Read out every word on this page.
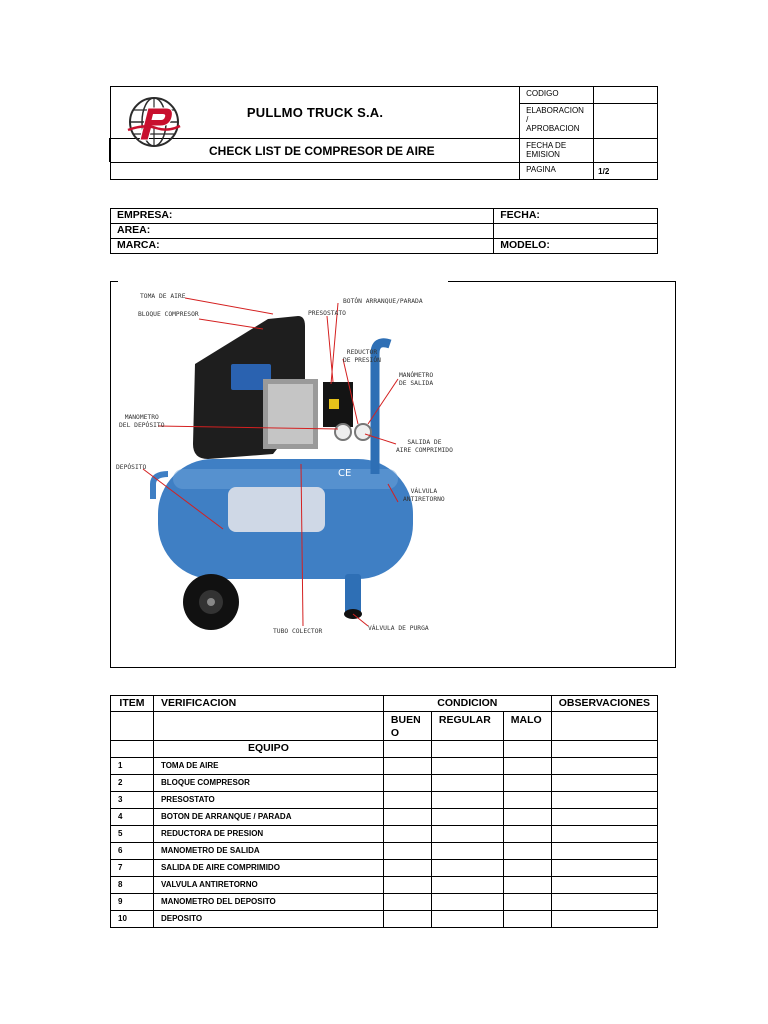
PULLMO TRUCK S.A.	CODIGO	

	ELABORACION
/
APROBACION	

CHECK LIST DE COMPRESOR DE AIRE	FECHA DE
EMISION	

	PAGINA	1/2
EMPRESA:	FECHA:
AREA:	
MARCA:	MODELO:
CE
TOMA DE AIRE
BLOQUE COMPRESOR
BOTÓN ARRANQUE/PARADA
PRESOSTATO
REDUCTOR
DE PRESIÓN
MANÓMETRO
DE SALIDA
MANOMETRO
DEL DEPÓSITO
SALIDA DE
AIRE COMPRIMIDO
DEPÓSITO
VÁLVULA
ANTIRETORNO
TUBO COLECTOR	VÁLVULA DE PURGA
ITEM	VERIFICACION	CONDICION			OBSERVACIONES

		BUEN
O	REGULAR	MALO	
	EQUIPO				
1	TOMA DE AIRE				
2	BLOQUE COMPRESOR				
3	PRESOSTATO				
4	BOTON DE ARRANQUE / PARADA				
5	REDUCTORA DE PRESION				
6	MANOMETRO DE SALIDA				
7	SALIDA DE AIRE COMPRIMIDO				
8	VALVULA ANTIRETORNO				
9	MANOMETRO DEL DEPOSITO				
10	DEPOSITO				
